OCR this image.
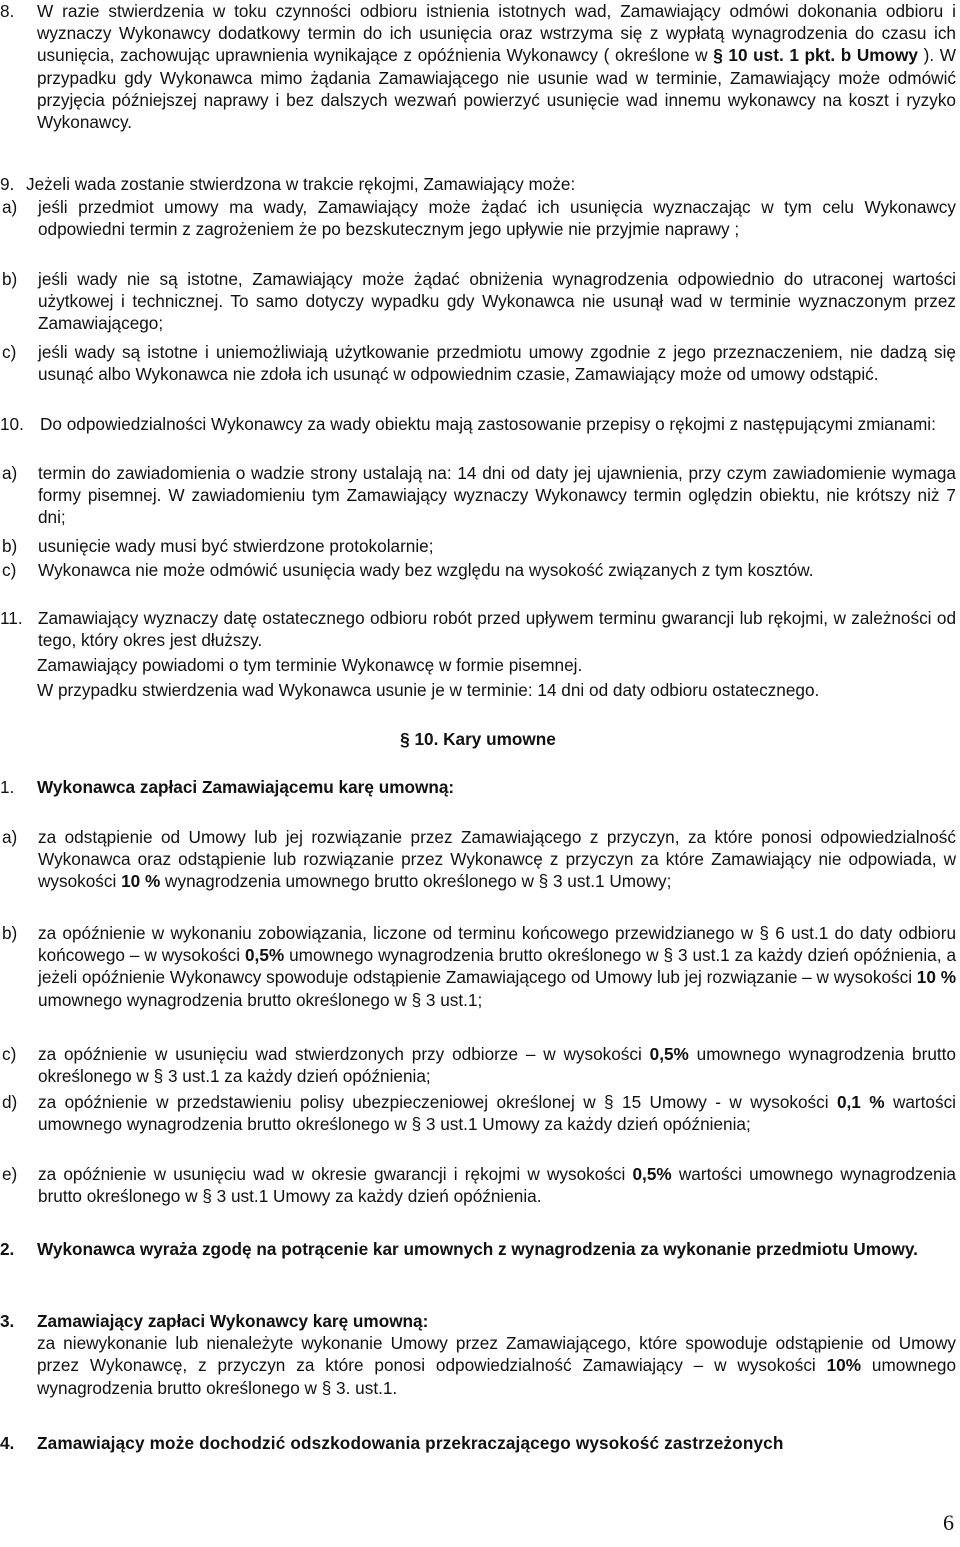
8.	W razie stwierdzenia w toku czynności odbioru istnienia istotnych wad, Zamawiający odmówi dokonania odbioru i wyznaczy Wykonawcy dodatkowy termin do ich usunięcia oraz wstrzyma się z wypłatą wynagrodzenia do czasu ich usunięcia, zachowując uprawnienia wynikające z opóźnienia Wykonawcy ( określone w § 10 ust. 1 pkt. b Umowy ). W przypadku gdy Wykonawca mimo żądania Zamawiającego nie usunie wad w terminie, Zamawiający może odmówić przyjęcia późniejszej naprawy i bez dalszych wezwań powierzyć usunięcie wad innemu wykonawcy na koszt i ryzyko Wykonawcy.
9. Jeżeli wada zostanie stwierdzona w trakcie rękojmi, Zamawiający może:
a)	jeśli przedmiot umowy ma wady, Zamawiający może żądać ich usunięcia wyznaczając w tym celu Wykonawcy odpowiedni termin z zagrożeniem że po bezskutecznym jego upływie nie przyjmie naprawy ;
b)	jeśli wady nie są istotne, Zamawiający może żądać obniżenia wynagrodzenia odpowiednio do utraconej wartości użytkowej i technicznej. To samo dotyczy wypadku gdy Wykonawca nie usunął wad w terminie wyznaczonym przez Zamawiającego;
c)	jeśli wady są istotne i uniemożliwiają użytkowanie przedmiotu umowy zgodnie z jego przeznaczeniem, nie dadzą się usunąć albo Wykonawca nie zdoła ich usunąć w odpowiednim czasie, Zamawiający może od umowy odstąpić.
10. Do odpowiedzialności Wykonawcy za wady obiektu mają zastosowanie przepisy o rękojmi z następującymi zmianami:
a)	termin do zawiadomienia o wadzie strony ustalają na: 14 dni od daty jej ujawnienia, przy czym zawiadomienie wymaga formy pisemnej. W zawiadomieniu tym Zamawiający wyznaczy Wykonawcy termin oględzin obiektu, nie krótszy niż 7 dni;
b)	usunięcie wady musi być stwierdzone protokolarnie;
c)	Wykonawca nie może odmówić usunięcia wady bez względu na wysokość związanych z tym kosztów.
11. Zamawiający wyznaczy datę ostatecznego odbioru robót przed upływem terminu gwarancji lub rękojmi, w zależności od tego, który okres jest dłuższy.
Zamawiający powiadomi o tym terminie Wykonawcę w formie pisemnej.
W przypadku stwierdzenia wad Wykonawca usunie je w terminie: 14 dni od daty odbioru ostatecznego.
§ 10. Kary umowne
1.	Wykonawca zapłaci Zamawiającemu karę umowną:
a)	za odstąpienie od Umowy lub jej rozwiązanie przez Zamawiającego z przyczyn, za które ponosi odpowiedzialność Wykonawca oraz odstąpienie lub rozwiązanie przez Wykonawcę z przyczyn za które Zamawiający nie odpowiada, w wysokości 10 % wynagrodzenia umownego brutto określonego w § 3 ust.1 Umowy;
b)	za opóźnienie w wykonaniu zobowiązania, liczone od terminu końcowego przewidzianego w § 6 ust.1 do daty odbioru końcowego – w wysokości 0,5% umownego wynagrodzenia brutto określonego w § 3 ust.1 za każdy dzień opóźnienia, a jeżeli opóźnienie Wykonawcy spowoduje odstąpienie Zamawiającego od Umowy lub jej rozwiązanie – w wysokości 10 % umownego wynagrodzenia brutto określonego w § 3 ust.1;
c)	za opóźnienie w usunięciu wad stwierdzonych przy odbiorze – w wysokości 0,5% umownego wynagrodzenia brutto określonego w § 3 ust.1 za każdy dzień opóźnienia;
d)	za opóźnienie w przedstawieniu polisy ubezpieczeniowej określonej w § 15 Umowy - w wysokości 0,1 % wartości umownego wynagrodzenia brutto określonego w § 3 ust.1 Umowy za każdy dzień opóźnienia;
e)	za opóźnienie w usunięciu wad w okresie gwarancji i rękojmi w wysokości 0,5% wartości umownego wynagrodzenia brutto określonego w § 3 ust.1 Umowy za każdy dzień opóźnienia.
2.	Wykonawca wyraża zgodę na potrącenie kar umownych z wynagrodzenia za wykonanie przedmiotu Umowy.
3.	Zamawiający zapłaci Wykonawcy karę umowną:
za niewykonanie lub nienależyte wykonanie Umowy przez Zamawiającego, które spowoduje odstąpienie od Umowy przez Wykonawcę, z przyczyn za które ponosi odpowiedzialność Zamawiający – w wysokości 10% umownego wynagrodzenia brutto określonego w § 3. ust.1.
4.	Zamawiający może dochodzić odszkodowania przekraczającego wysokość zastrzeżonych
6
